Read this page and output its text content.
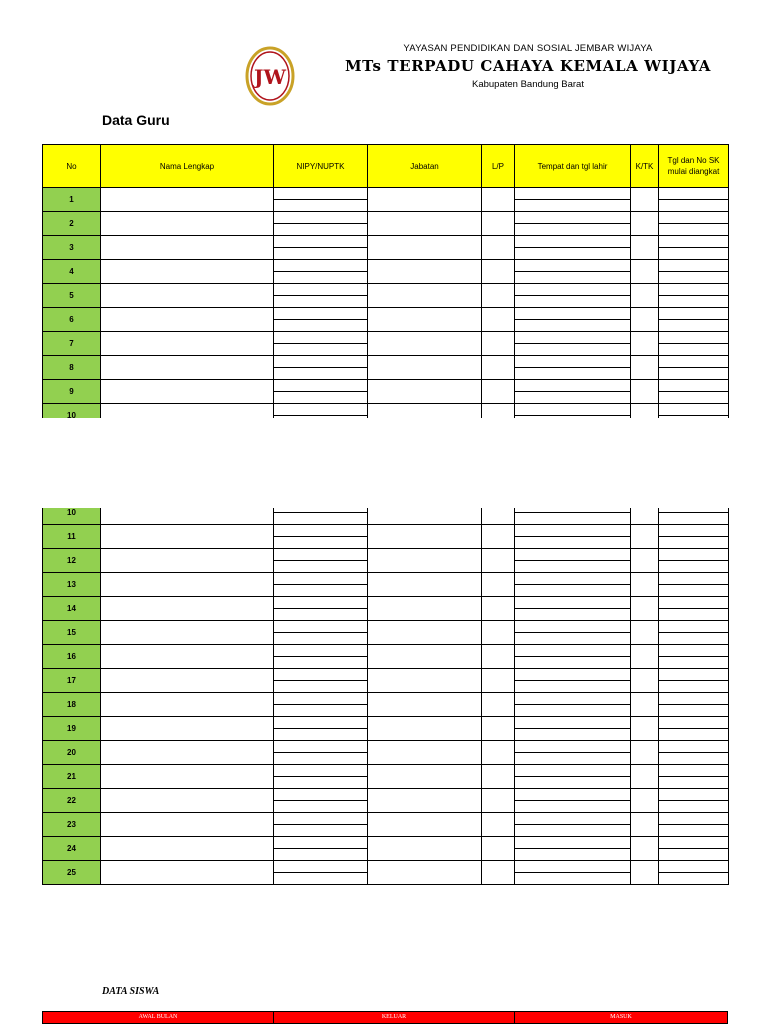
JW
YAYASAN PENDIDIKAN DAN SOSIAL JEMBAR WIJAYA
MTs TERPADU CAHAYA KEMALA WIJAYA
Kabupaten Bandung Barat
Data Guru
No	Nama Lengkap	NIPY/NUPTK	Jabatan	L/P	Tempat dan tgl lahir	K/TK	Tgl dan No SK mulai diangkat
1							

2							

3							

4							

5							

6							

7							

8							

9							

10							

10							

11							

12							

13							

14							

15							

16							

17							

18							

19							

20							

21							

22							

23							

24							

25							

DATA SISWA
AWAL BULAN	KELUAR	MASUK
